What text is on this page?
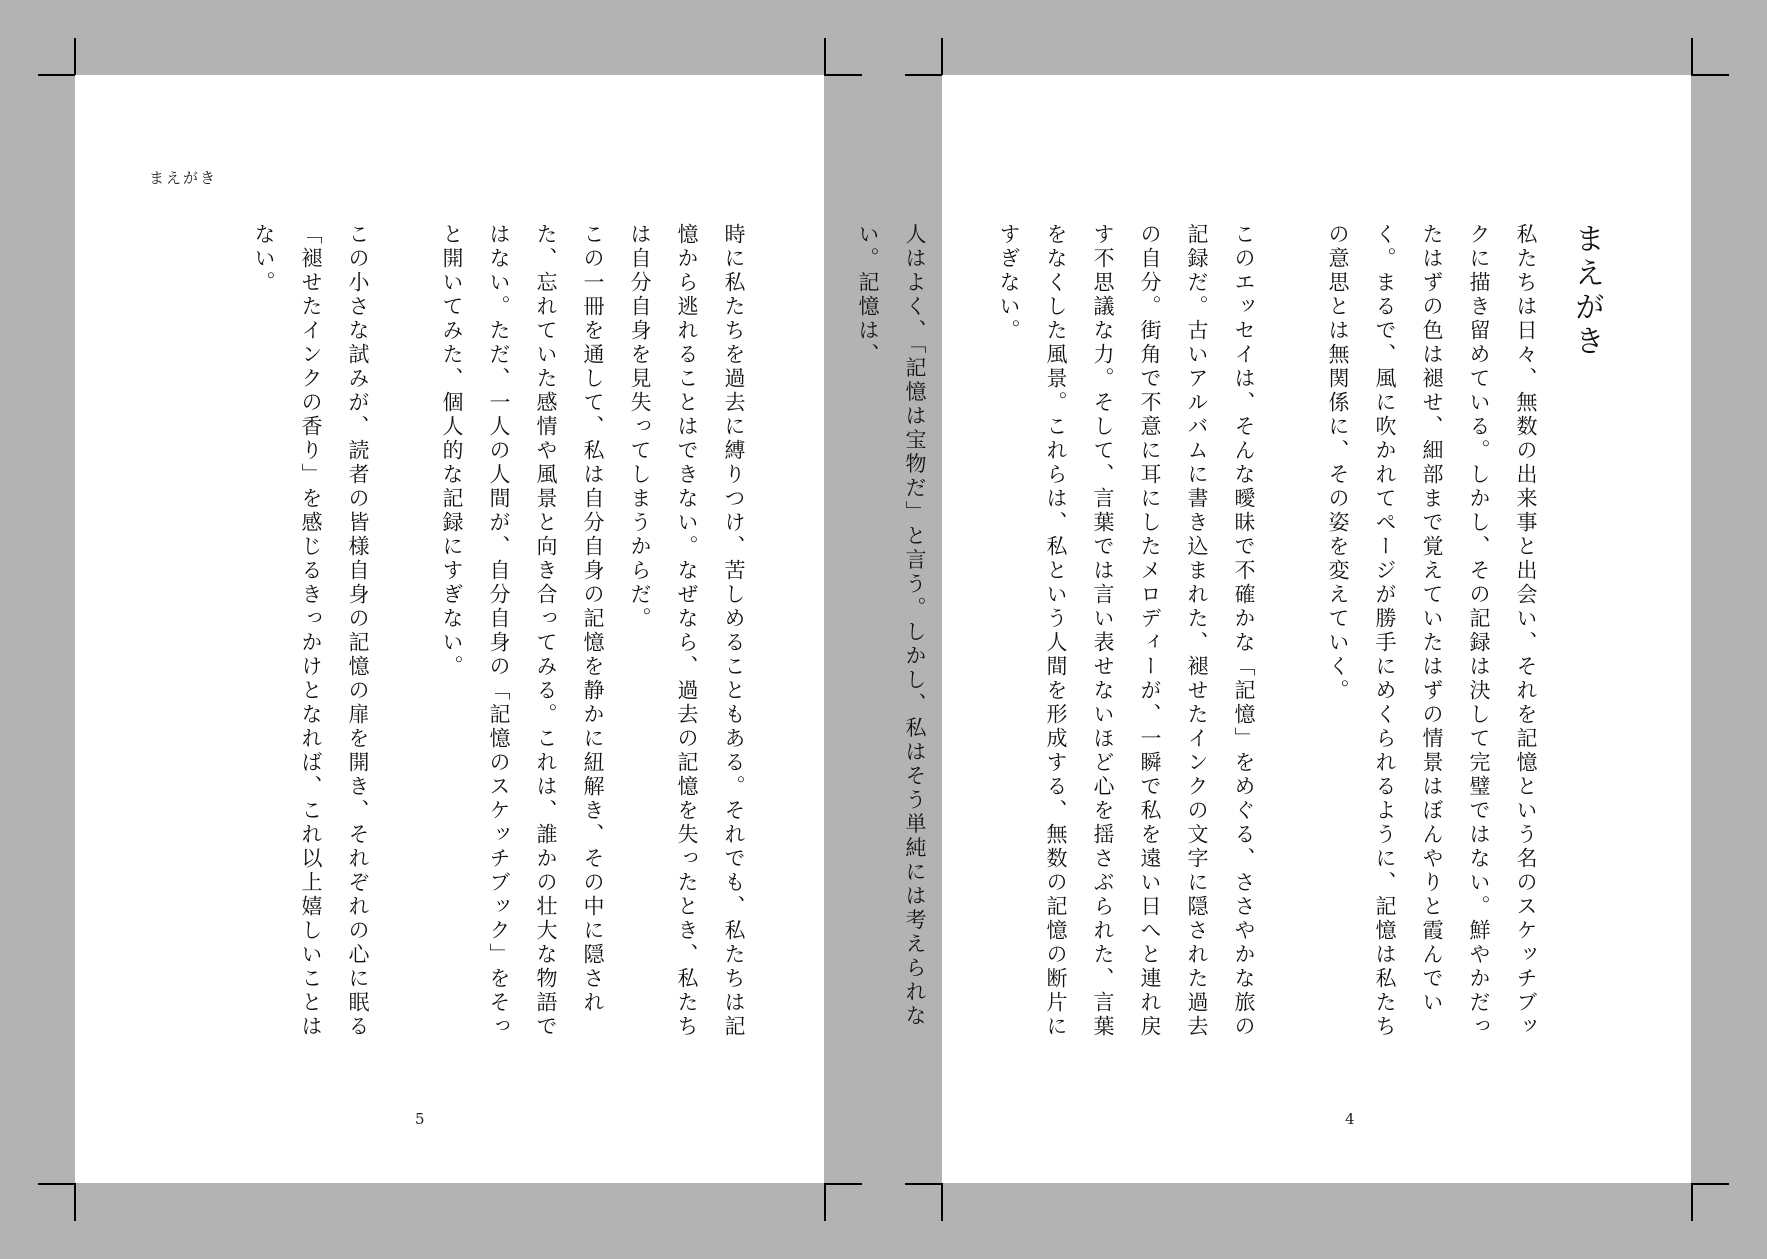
まえがき

時に私たちを過去に縛りつけ、苦しめることもある。それでも、私たちは記憶から逃れることはできない。なぜなら、過去の記憶を失ったとき、私たちは自分自身を見失ってしまうからだ。

この一冊を通して、私は自分自身の記憶を静かに紐解き、その中に隠された、忘れていた感情や風景と向き合ってみる。これは、誰かの壮大な物語ではない。ただ、一人の人間が、自分自身の「記憶のスケッチブック」をそっと開いてみた、個人的な記録にすぎない。

この小さな試みが、読者の皆様自身の記憶の扉を開き、それぞれの心に眠る「褪せたインクの香り」を感じるきっかけとなれば、これ以上嬉しいことはない。

5

まえがき

私たちは日々、無数の出来事と出会い、それを記憶という名のスケッチブックに描き留めている。しかし、その記録は決して完璧ではない。鮮やかだったはずの色は褪せ、細部まで覚えていたはずの情景はぼんやりと霞んでいく。まるで、風に吹かれてページが勝手にめくられるように、記憶は私たちの意思とは無関係に、その姿を変えていく。

このエッセイは、そんな曖昧で不確かな「記憶」をめぐる、ささやかな旅の記録だ。古いアルバムに書き込まれた、褪せたインクの文字に隠された過去の自分。街角で不意に耳にしたメロディーが、一瞬で私を遠い日へと連れ戻す不思議な力。そして、言葉では言い表せないほど心を揺さぶられた、言葉をなくした風景。これらは、私という人間を形成する、無数の記憶の断片にすぎない。

人はよく、「記憶は宝物だ」と言う。しかし、私はそう単純には考えられない。記憶は、

4
